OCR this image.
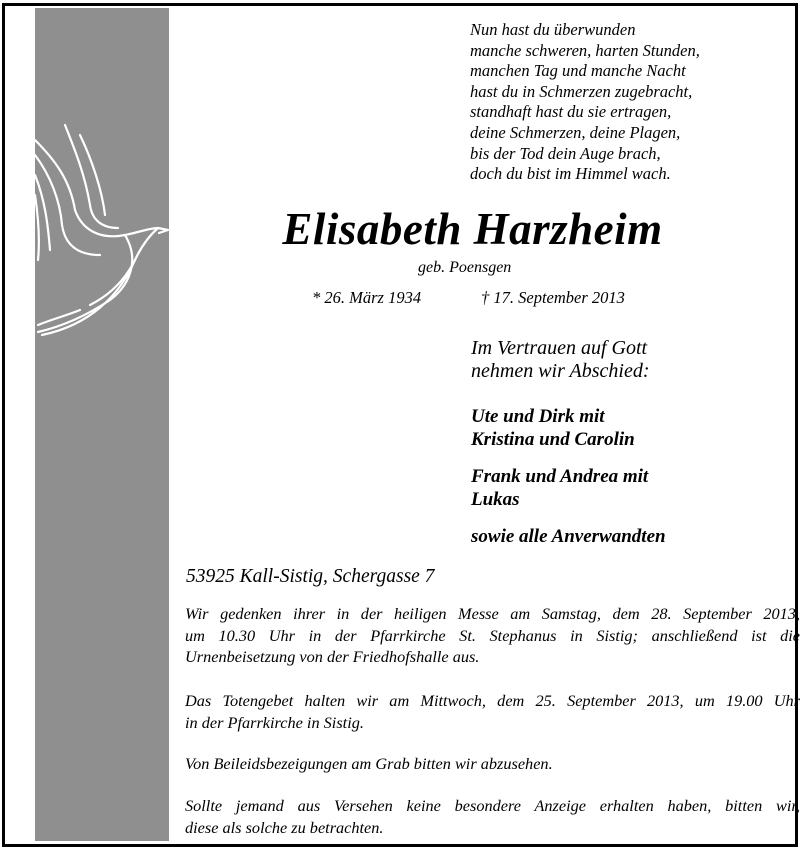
Nun hast du überwunden
manche schweren, harten Stunden,
manchen Tag und manche Nacht
hast du in Schmerzen zugebracht,
standhaft hast du sie ertragen,
deine Schmerzen, deine Plagen,
bis der Tod dein Auge brach,
doch du bist im Himmel wach.
Elisabeth Harzheim
geb. Poensgen
* 26. März 1934	† 17. September 2013
Im Vertrauen auf Gott
nehmen wir Abschied:
Ute und Dirk mit
Kristina und Carolin
Frank und Andrea mit
Lukas
sowie alle Anverwandten
53925 Kall-Sistig, Schergasse 7
Wir gedenken ihrer in der heiligen Messe am Samstag, dem 28. September 2013,
um 10.30 Uhr in der Pfarrkirche St. Stephanus in Sistig; anschließend ist die
Urnenbeisetzung von der Friedhofshalle aus.
Das Totengebet halten wir am Mittwoch, dem 25. September 2013, um 19.00 Uhr
in der Pfarrkirche in Sistig.
Von Beileidsbezeigungen am Grab bitten wir abzusehen.
Sollte jemand aus Versehen keine besondere Anzeige erhalten haben, bitten wir,
diese als solche zu betrachten.
